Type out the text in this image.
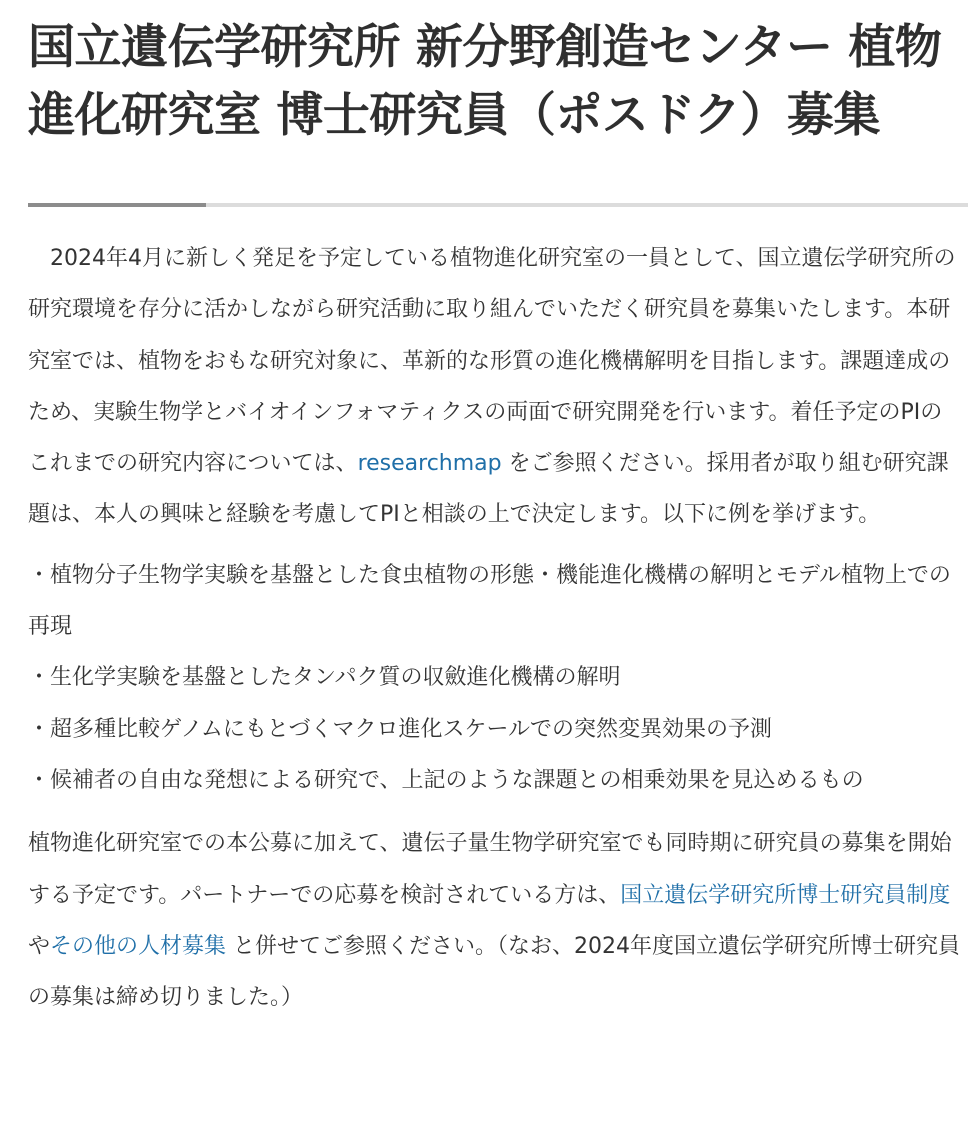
国立遺伝学研究所 新分野創造センター 植物進化研究室 博士研究員（ポスドク）募集

2024年4月に新しく発足を予定している植物進化研究室の一員として、国立遺伝学研究所の研究環境を存分に活かしながら研究活動に取り組んでいただく研究員を募集いたします。本研究室では、植物をおもな研究対象に、革新的な形質の進化機構解明を目指します。課題達成のため、実験生物学とバイオインフォマティクスの両面で研究開発を行います。着任予定のPIのこれまでの研究内容については、researchmap をご参照ください。採用者が取り組む研究課題は、本人の興味と経験を考慮してPIと相談の上で決定します。以下に例を挙げます。

・植物分子生物学実験を基盤とした食虫植物の形態・機能進化機構の解明とモデル植物上での再現

・生化学実験を基盤としたタンパク質の収斂進化機構の解明

・超多種比較ゲノムにもとづくマクロ進化スケールでの突然変異効果の予測

・候補者の自由な発想による研究で、上記のような課題との相乗効果を見込めるもの

植物進化研究室での本公募に加えて、遺伝子量生物学研究室でも同時期に研究員の募集を開始する予定です。パートナーでの応募を検討されている方は、国立遺伝学研究所博士研究員制度 やその他の人材募集 と併せてご参照ください。（なお、2024年度国立遺伝学研究所博士研究員の募集は締め切りました。）
